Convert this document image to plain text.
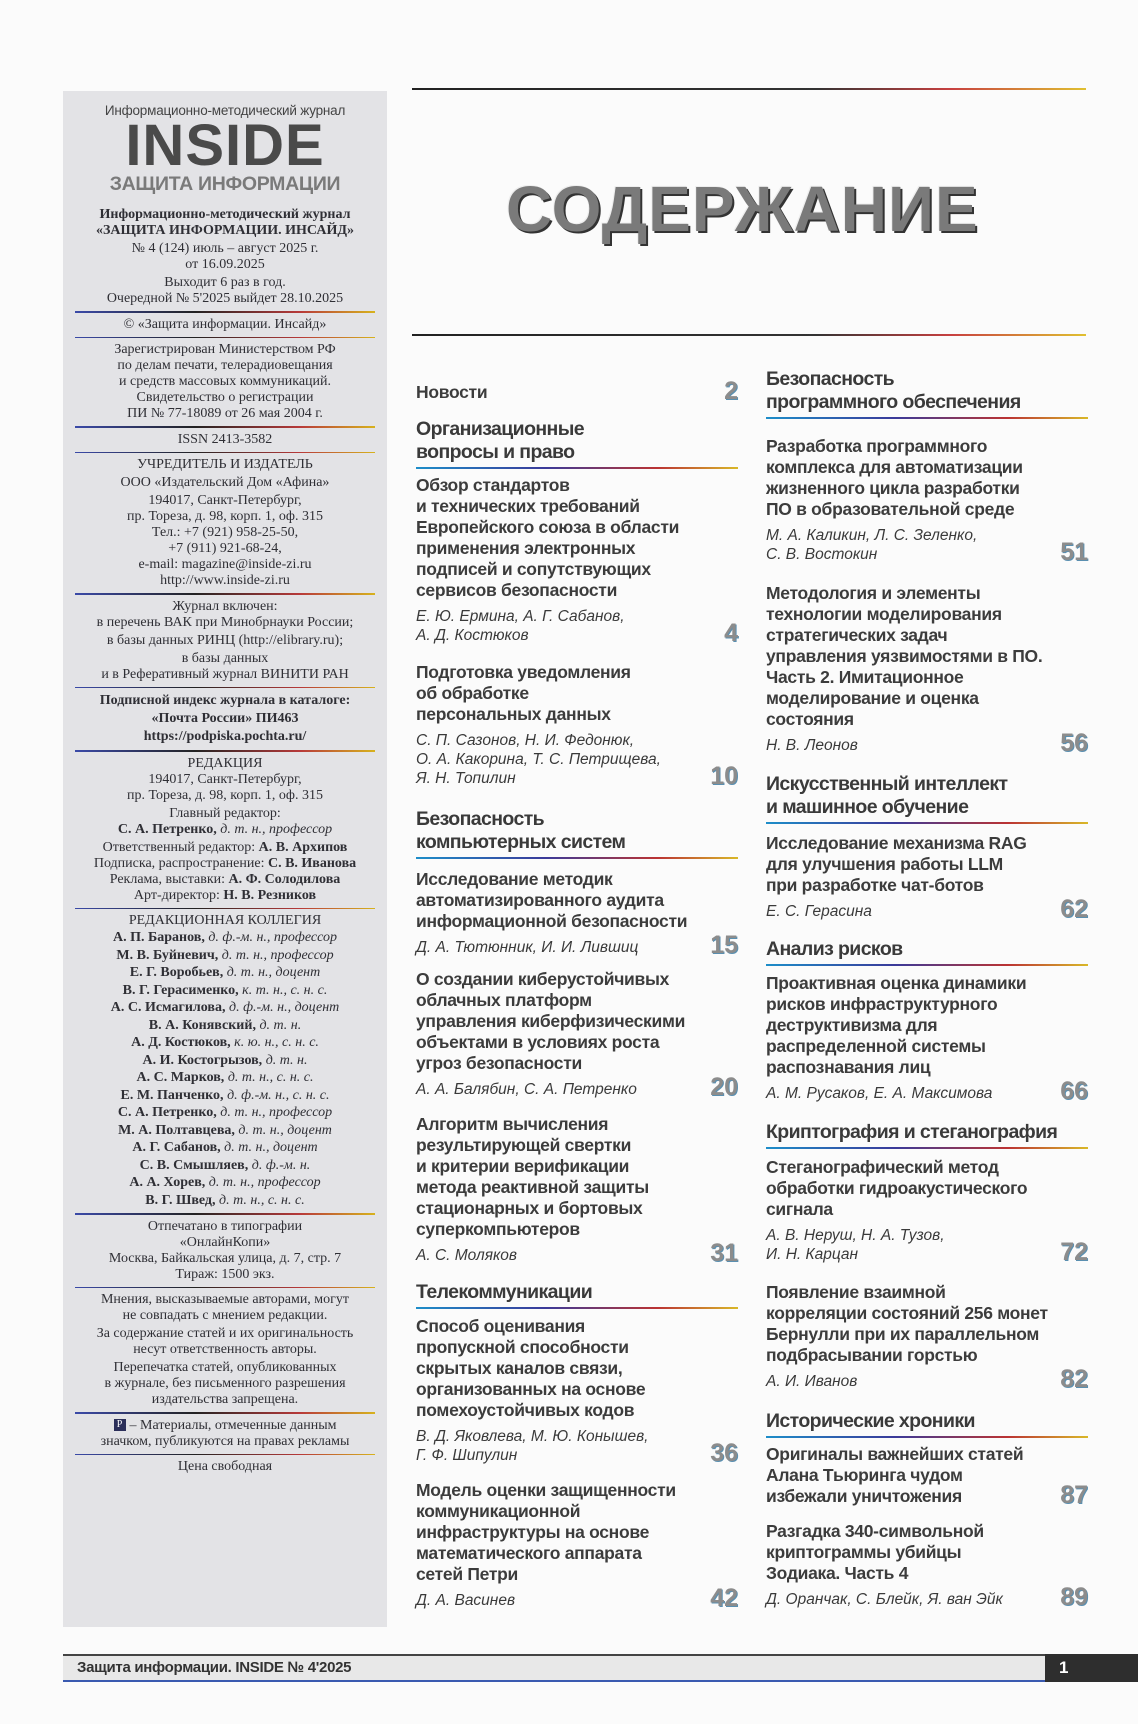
Информационно-методический журнал

INSIDE

ЗАЩИТА ИНФОРМАЦИИ

Информационно-методический журнал
«ЗАЩИТА ИНФОРМАЦИИ. ИНСАЙД»

№ 4 (124) июль – август 2025 г.
от 16.09.2025

Выходит 6 раз в год.
Очередной № 5'2025 выйдет 28.10.2025

© «Защита информации. Инсайд»

Зарегистрирован Министерством РФ
по делам печати, телерадиовещания
и средств массовых коммуникаций.
Свидетельство о регистрации
ПИ № 77-18089 от 26 мая 2004 г.

ISSN 2413-3582

УЧРЕДИТЕЛЬ И ИЗДАТЕЛЬ

ООО «Издательский Дом «Афина»

194017, Санкт-Петербург,
пр. Тореза, д. 98, корп. 1, оф. 315
Тел.: +7 (921) 958-25-50,
+7 (911) 921-68-24,
e-mail: magazine@inside-zi.ru
http://www.inside-zi.ru

Журнал включен:
в перечень ВАК при Минобрнауки России;

в базы данных РИНЦ (http://elibrary.ru);

в базы данных
и в Реферативный журнал ВИНИТИ РАН

Подписной индекс журнала в каталоге:
«Почта России» ПИ463
https://podpiska.pochta.ru/

РЕДАКЦИЯ

194017, Санкт-Петербург,
пр. Тореза, д. 98, корп. 1, оф. 315

Главный редактор:

С. А. Петренко, д. т. н., профессор

Ответственный редактор: А. В. Архипов

Подписка, распространение: С. В. Иванова

Реклама, выставки: А. Ф. Солодилова

Арт-директор: Н. В. Резников

РЕДАКЦИОННАЯ КОЛЛЕГИЯ

А. П. Баранов, д. ф.-м. н., профессор

М. В. Буйневич, д. т. н., профессор

Е. Г. Воробьев, д. т. н., доцент

В. Г. Герасименко, к. т. н., с. н. с.

А. С. Исмагилова, д. ф.-м. н., доцент

В. А. Конявский, д. т. н.

А. Д. Костюков, к. ю. н., с. н. с.

А. И. Костогрызов, д. т. н.

А. С. Марков, д. т. н., с. н. с.

Е. М. Панченко, д. ф.-м. н., с. н. с.

С. А. Петренко, д. т. н., профессор

М. А. Полтавцева, д. т. н., доцент

А. Г. Сабанов, д. т. н., доцент

С. В. Смышляев, д. ф.-м. н.

А. А. Хорев, д. т. н., профессор

В. Г. Швед, д. т. н., с. н. с.

Отпечатано в типографии
«ОнлайнКопи»
Москва, Байкальская улица, д. 7, стр. 7
Тираж: 1500 экз.

Мнения, высказываемые авторами, могут
не совпадать с мнением редакции.

За содержание статей и их оригинальность
несут ответственность авторы.

Перепечатка статей, опубликованных
в журнале, без письменного разрешения
издательства запрещена.

P – Материалы, отмеченные данным
значком, публикуются на правах рекламы

Цена свободная

СОДЕРЖАНИЕ
Новости	2
Организационные
вопросы и право
Обзор стандартов
и технических требований
Европейского союза в области
применения электронных
подписей и сопутствующих
сервисов безопасности
Е. Ю. Ермина, А. Г. Сабанов,
А. Д. Костюков	4
Подготовка уведомления
об обработке
персональных данных
С. П. Сазонов, Н. И. Федонюк,
О. А. Какорина, Т. С. Петрищева,
Я. Н. Топилин	10
Безопасность
компьютерных систем
Исследование методик
автоматизированного аудита
информационной безопасности
Д. А. Тютюнник, И. И. Лившиц	15
О создании киберустойчивых
облачных платформ
управления киберфизическими
объектами в условиях роста
угроз безопасности
А. А. Балябин, С. А. Петренко	20
Алгоритм вычисления
результирующей свертки
и критерии верификации
метода реактивной защиты
стационарных и бортовых
суперкомпьютеров
А. С. Моляков	31
Телекоммуникации
Способ оценивания
пропускной способности
скрытых каналов связи,
организованных на основе
помехоустойчивых кодов
В. Д. Яковлева, М. Ю. Конышев,
Г. Ф. Шипулин	36
Модель оценки защищенности
коммуникационной
инфраструктуры на основе
математического аппарата
сетей Петри
Д. А. Васинев	42
Безопасность
программного обеспечения
Разработка программного
комплекса для автоматизации
жизненного цикла разработки
ПО в образовательной среде
М. А. Каликин, Л. С. Зеленко,
С. В. Востокин	51
Методология и элементы
технологии моделирования
стратегических задач
управления уязвимостями в ПО.
Часть 2. Имитационное
моделирование и оценка
состояния
Н. В. Леонов	56
Искусственный интеллект
и машинное обучение
Исследование механизма RAG
для улучшения работы LLM
при разработке чат-ботов
Е. С. Герасина	62
Анализ рисков
Проактивная оценка динамики
рисков инфраструктурного
деструктивизма для
распределенной системы
распознавания лиц
А. М. Русаков, Е. А. Максимова	66
Криптография и стеганография
Стеганографический метод
обработки гидроакустического
сигнала
А. В. Неруш, Н. А. Тузов,
И. Н. Карцан	72
Появление взаимной
корреляции состояний 256 монет
Бернулли при их параллельном
подбрасывании горстью
А. И. Иванов	82
Исторические хроники
Оригиналы важнейших статей
Алана Тьюринга чудом
избежали уничтожения	87
Разгадка 340-символьной
криптограммы убийцы
Зодиака. Часть 4
Д. Оранчак, С. Блейк, Я. ван Эйк	89
Защита информации. INSIDE № 4'2025	1
